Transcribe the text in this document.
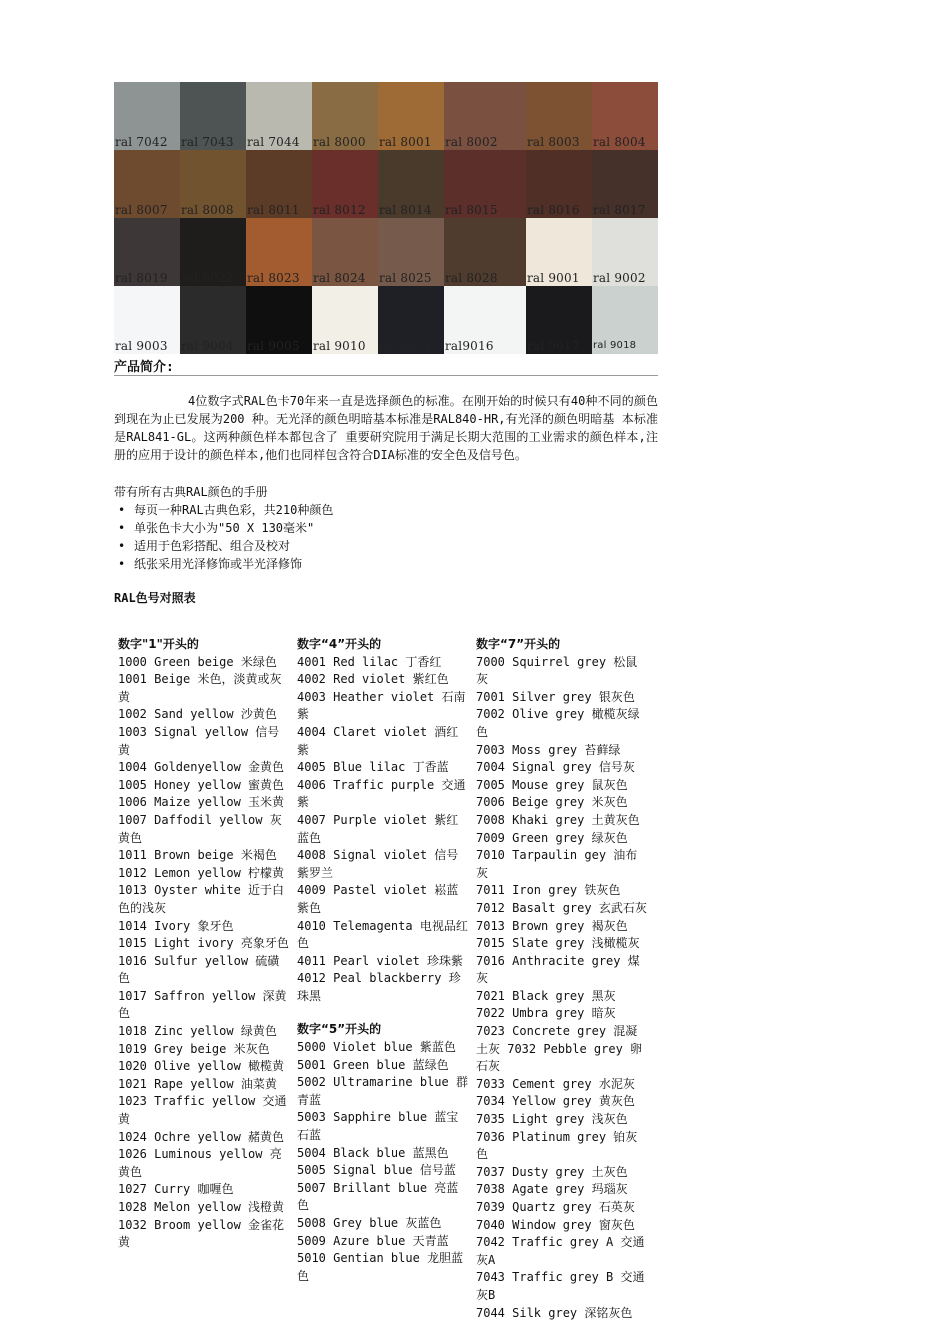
ral 7042 ral 7043 ral 7044 ral 8000 ral 8001 ral 8002 ral 8003 ral 8004
ral 8007 ral 8008 ral 8011 ral 8012 ral 8014 ral 8015 ral 8016 ral 8017
ral 8019 ral 8022 ral 8023 ral 8024 ral 8025 ral 8028 ral 9001 ral 9002
ral 9003 ral 9004 ral 9005 ral 9010 ral 9011 ral9016	ral 9017 ral 9018
产品简介:
4位数字式RAL色卡70年来一直是选择颜色的标准。在刚开始的时候只有40种不同的颜色到现在为止已发展为200 种。无光泽的颜色明暗基本标准是RAL840-HR,有光泽的颜色明暗基 本标准是RAL841-GL。这两种颜色样本都包含了 重要研究院用于满足长期大范围的工业需求的颜色样本,注册的应用于设计的颜色样本,他们也同样包含符合DIA标准的安全色及信号色。
带有所有古典RAL颜色的手册
• 每页一种RAL古典色彩，共210种颜色
• 单张色卡大小为"50 X 130毫米"
• 适用于色彩搭配、组合及校对
• 纸张采用光泽修饰或半光泽修饰
RAL色号对照表
数字"1"开头的
1000 Green beige 米绿色
1001 Beige 米色，淡黄或灰黄
1002 Sand yellow 沙黄色
1003 Signal yellow 信号黄
1004 Goldenyellow 金黄色
1005 Honey yellow 蜜黄色
1006 Maize yellow 玉米黄
1007 Daffodil yellow 灰黄色
1011 Brown beige 米褐色
1012 Lemon yellow 柠檬黄
1013 Oyster white 近于白色的浅灰
1014 Ivory 象牙色
1015 Light ivory 亮象牙色
1016 Sulfur yellow 硫磺色
1017 Saffron yellow 深黄色
1018 Zinc yellow 绿黄色
1019 Grey beige 米灰色
1020 Olive yellow 橄榄黄
1021 Rape yellow 油菜黄
1023 Traffic yellow 交通黄
1024 Ochre yellow 赭黄色
1026 Luminous yellow 亮黄色
1027 Curry 咖喱色
1028 Melon yellow 浅橙黄
1032 Broom yellow 金雀花黄
数字“4”开头的
4001 Red lilac 丁香红
4002 Red violet 紫红色
4003 Heather violet 石南紫
4004 Claret violet 酒红紫
4005 Blue lilac 丁香蓝
4006 Traffic purple 交通紫
4007 Purple violet 紫红蓝色
4008 Signal violet 信号紫罗兰
4009 Pastel violet 崧蓝紫色
4010 Telemagenta 电视品红色
4011 Pearl violet 珍珠紫
4012 Peal blackberry 珍珠黑
数字“5”开头的
5000 Violet blue 紫蓝色
5001 Green blue 蓝绿色
5002 Ultramarine blue 群青蓝
5003 Sapphire blue 蓝宝石蓝
5004 Black blue 蓝黑色
5005 Signal blue 信号蓝
5007 Brillant blue 亮蓝色
5008 Grey blue 灰蓝色
5009 Azure blue 天青蓝
5010 Gentian blue 龙胆蓝色
数字“7”开头的
7000 Squirrel grey 松鼠灰
7001 Silver grey 银灰色
7002 Olive grey 橄榄灰绿色
7003 Moss grey 苔藓绿
7004 Signal grey 信号灰
7005 Mouse grey 鼠灰色
7006 Beige grey 米灰色
7008 Khaki grey 土黄灰色
7009 Green grey 绿灰色
7010 Tarpaulin gey 油布灰
7011 Iron grey 铁灰色
7012 Basalt grey 玄武石灰
7013 Brown grey 褐灰色
7015 Slate grey 浅橄榄灰
7016 Anthracite grey 煤灰
7021 Black grey 黑灰
7022 Umbra grey 暗灰
7023 Concrete grey 混凝土灰 7032 Pebble grey 卵石灰
7033 Cement grey 水泥灰
7034 Yellow grey 黄灰色
7035 Light grey 浅灰色
7036 Platinum grey 铂灰色
7037 Dusty grey 土灰色
7038 Agate grey 玛瑙灰
7039 Quartz grey 石英灰
7040 Window grey 窗灰色
7042 Traffic grey A 交通灰A
7043 Traffic grey B 交通灰B
7044 Silk grey 深铭灰色
